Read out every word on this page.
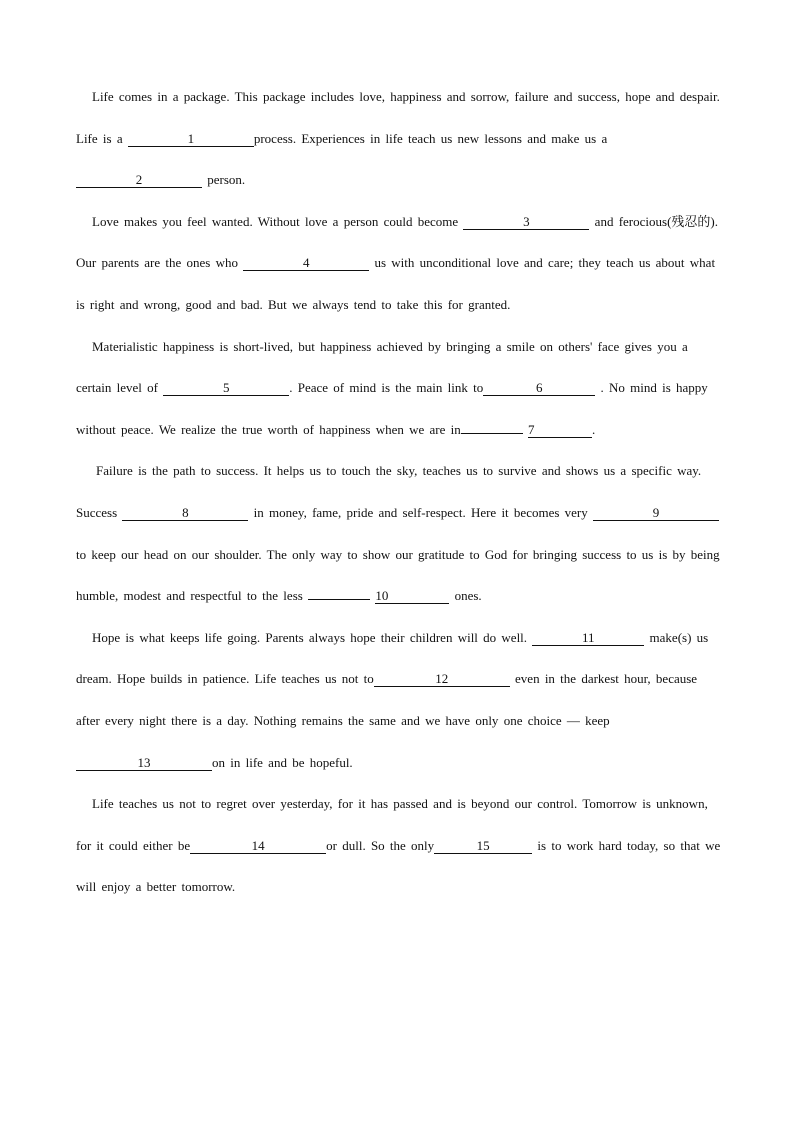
Life comes in a package. This package includes love, happiness and sorrow, failure and success, hope and despair. Life is a	1	process. Experiences in life teach us new lessons and make us a
2	person.

Love makes you feel wanted. Without love a person could become	3	and ferocious(残忍的). Our parents are the ones who	4	us with unconditional love and care; they teach us about what is right and wrong, good and bad. But we always tend to take this for granted.

Materialistic happiness is short-lived, but happiness achieved by bringing a smile on others' face gives you a certain level of	5	. Peace of mind is the main link to	6	. No mind is happy without peace. We realize the true worth of happiness when we are in	7	.

Failure is the path to success. It helps us to touch the sky, teaches us to survive and shows us a specific way. Success	8	in money, fame, pride and self-respect. Here it becomes very	9
to keep our head on our shoulder. The only way to show our gratitude to God for bringing success to us is by being humble, modest and respectful to the less	10	ones.

Hope is what keeps life going. Parents always hope their children will do well.	11	make(s) us dream. Hope builds in patience. Life teaches us not to	12	even in the darkest hour, because after every night there is a day. Nothing remains the same and we have only one choice — keep
13	on in life and be hopeful.

Life teaches us not to regret over yesterday, for it has passed and is beyond our control. Tomorrow is unknown, for it could either be	14	or dull. So the only	15	is to work hard today, so that we will enjoy a better tomorrow.
